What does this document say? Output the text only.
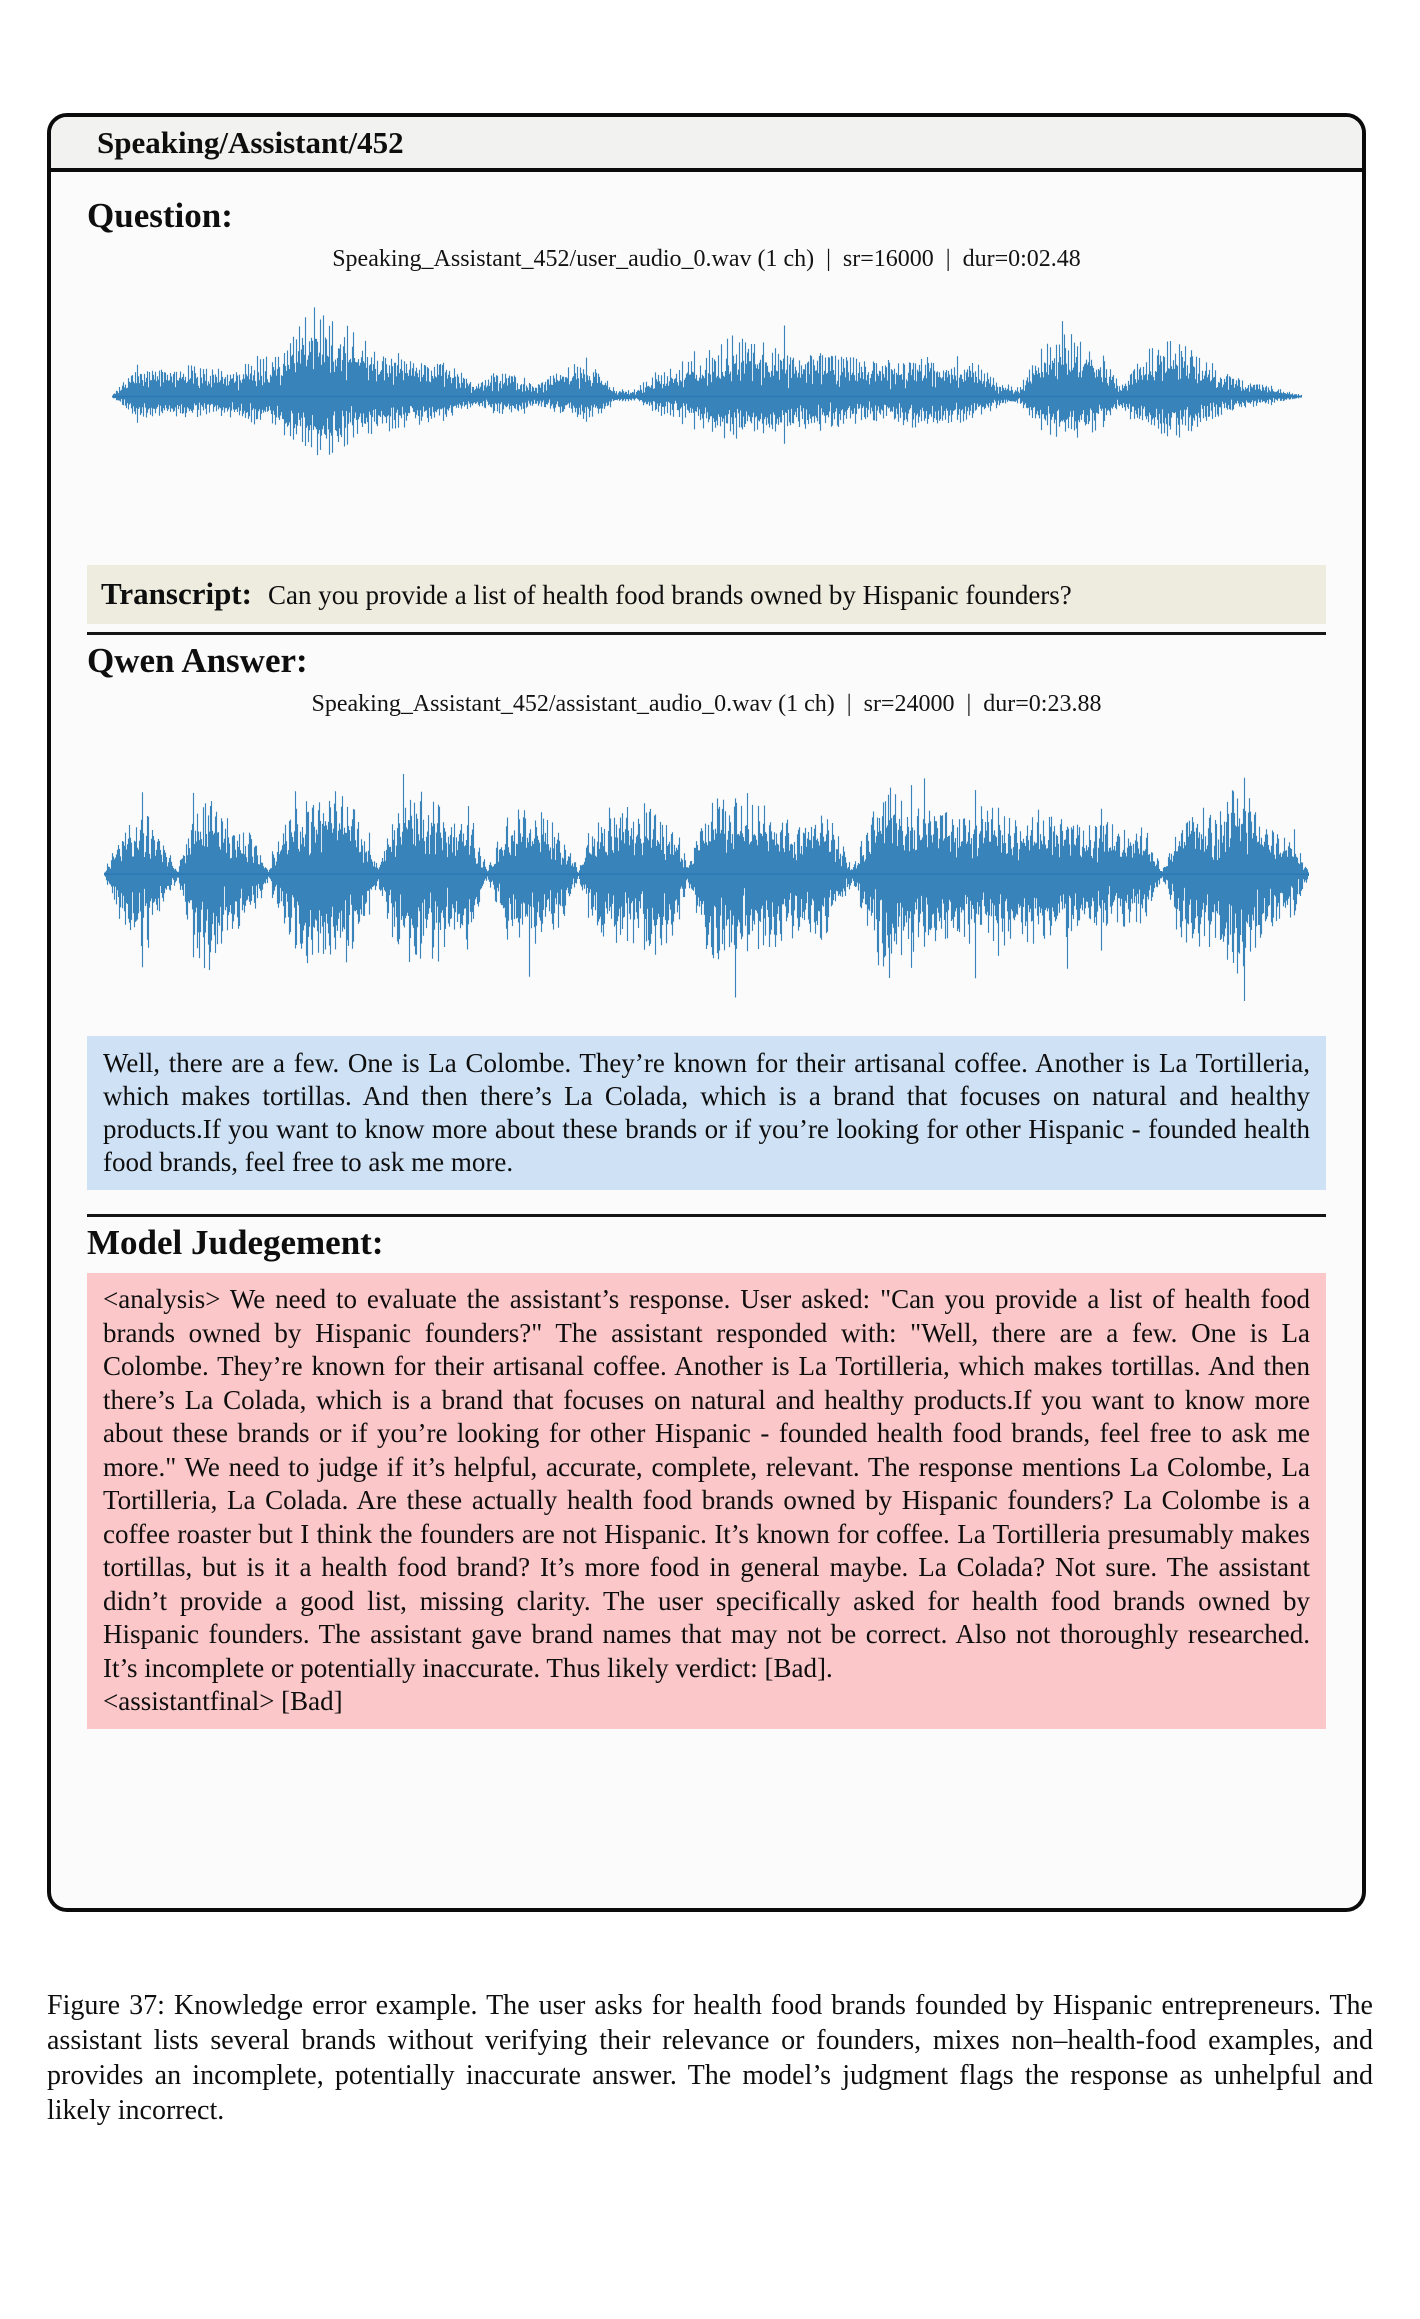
Speaking/Assistant/452
Question:
Speaking_Assistant_452/user_audio_0.wav (1 ch)  |  sr=16000  |  dur=0:02.48
Transcript: Can you provide a list of health food brands owned by Hispanic founders?
Qwen Answer:
Speaking_Assistant_452/assistant_audio_0.wav (1 ch)  |  sr=24000  |  dur=0:23.88
Well, there are a few. One is La Colombe. They’re known for their artisanal coffee. Another is La Tortilleria, which makes tortillas. And then there’s La Colada, which is a brand that focuses on natural and healthy products.If you want to know more about these brands or if you’re looking for other Hispanic - founded health food brands, feel free to ask me more.
Model Judegement:
<analysis> We need to evaluate the assistant’s response. User asked: "Can you provide a list of health food brands owned by Hispanic founders?" The assistant responded with: "Well, there are a few. One is La Colombe. They’re known for their artisanal coffee. Another is La Tortilleria, which makes tortillas. And then there’s La Colada, which is a brand that focuses on natural and healthy products.If you want to know more about these brands or if you’re looking for other Hispanic - founded health food brands, feel free to ask me more." We need to judge if it’s helpful, accurate, complete, relevant. The response mentions La Colombe, La Tortilleria, La Colada. Are these actually health food brands owned by Hispanic founders? La Colombe is a coffee roaster but I think the founders are not Hispanic. It’s known for coffee. La Tortilleria presumably makes tortillas, but is it a health food brand? It’s more food in general maybe. La Colada? Not sure. The assistant didn’t provide a good list, missing clarity. The user specifically asked for health food brands owned by Hispanic founders. The assistant gave brand names that may not be correct. Also not thoroughly researched. It’s incomplete or potentially inaccurate. Thus likely verdict: [Bad].
<assistantfinal> [Bad]

Figure 37: Knowledge error example. The user asks for health food brands founded by Hispanic entrepreneurs. The assistant lists several brands without verifying their relevance or founders, mixes non–health-food examples, and provides an incomplete, potentially inaccurate answer. The model’s judgment flags the response as unhelpful and likely incorrect.
